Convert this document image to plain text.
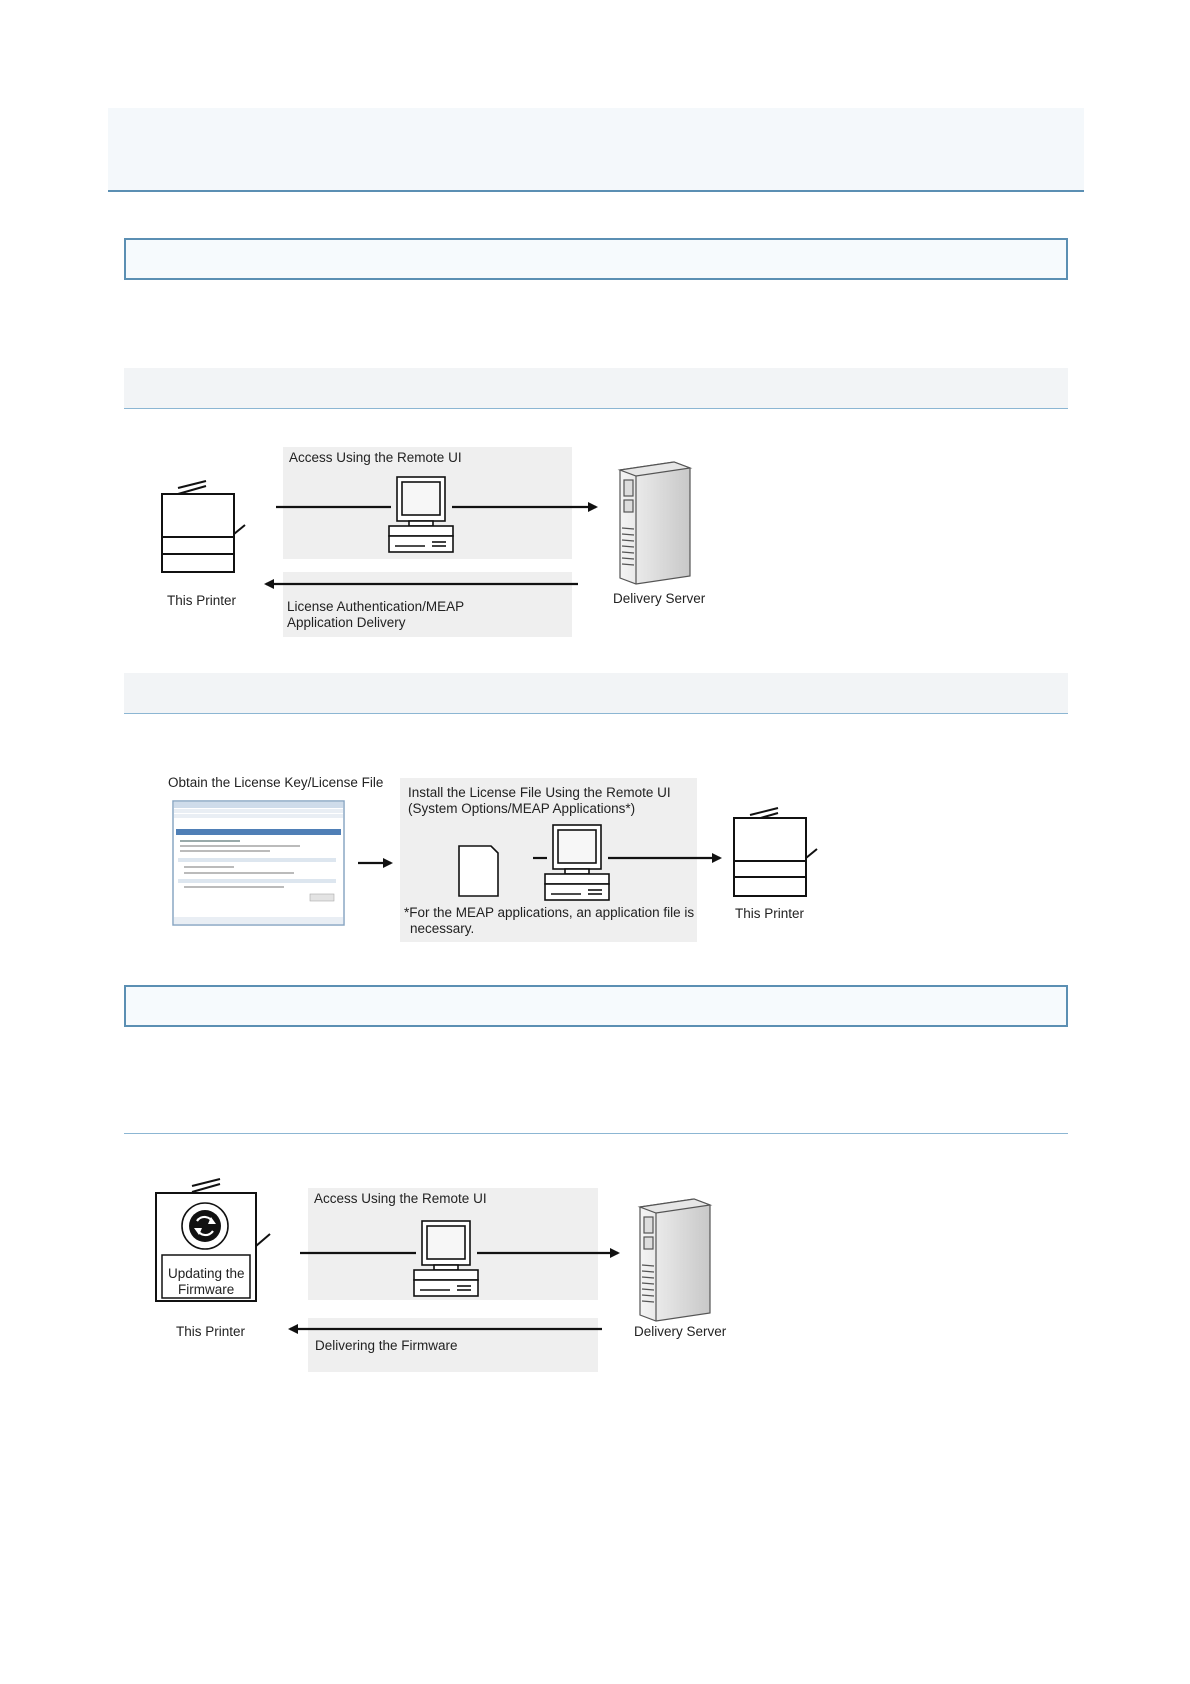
Access Using the Remote UI
This Printer	Delivery Server
License Authentication/MEAP
Application Delivery
Obtain the License Key/License File
Install the License File Using the Remote UI
(System Options/MEAP Applications*)
*For the MEAP applications, an application file is
necessary.
This Printer
Updating the
Firmware
This Printer
Access Using the Remote UI
Delivery Server
Delivering the Firmware
